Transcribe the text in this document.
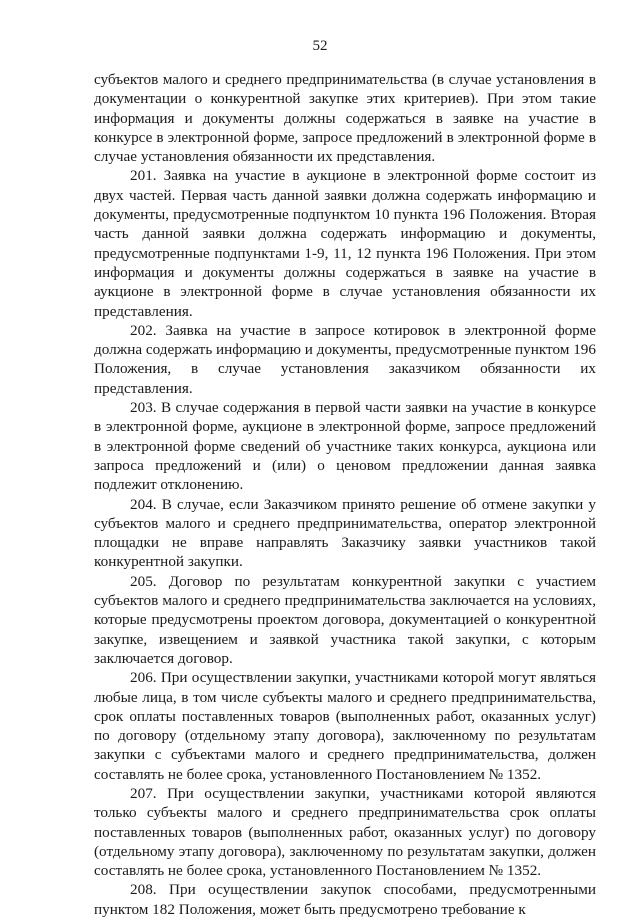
52

субъектов малого и среднего предпринимательства (в случае установления в документации о конкурентной закупке этих критериев). При этом такие информация и документы должны содержаться в заявке на участие в конкурсе в электронной форме, запросе предложений в электронной форме в случае установления обязанности их представления.

201. Заявка на участие в аукционе в электронной форме состоит из двух частей. Первая часть данной заявки должна содержать информацию и документы, предусмотренные подпунктом 10 пункта 196 Положения. Вторая часть данной заявки должна содержать информацию и документы, предусмотренные подпунктами 1-9, 11, 12 пункта 196 Положения. При этом информация и документы должны содержаться в заявке на участие в аукционе в электронной форме в случае установления обязанности их представления.

202. Заявка на участие в запросе котировок в электронной форме должна содержать информацию и документы, предусмотренные пунктом 196 Положения, в случае установления заказчиком обязанности их представления.

203. В случае содержания в первой части заявки на участие в конкурсе в электронной форме, аукционе в электронной форме, запросе предложений в электронной форме сведений об участнике таких конкурса, аукциона или запроса предложений и (или) о ценовом предложении данная заявка подлежит отклонению.

204. В случае, если Заказчиком принято решение об отмене закупки у субъектов малого и среднего предпринимательства, оператор электронной площадки не вправе направлять Заказчику заявки участников такой конкурентной закупки.

205. Договор по результатам конкурентной закупки с участием субъектов малого и среднего предпринимательства заключается на условиях, которые предусмотрены проектом договора, документацией о конкурентной закупке, извещением и заявкой участника такой закупки, с которым заключается договор.

206. При осуществлении закупки, участниками которой могут являться любые лица, в том числе субъекты малого и среднего предпринимательства, срок оплаты поставленных товаров (выполненных работ, оказанных услуг) по договору (отдельному этапу договора), заключенному по результатам закупки с субъектами малого и среднего предпринимательства, должен составлять не более срока, установленного Постановлением № 1352.

207. При осуществлении закупки, участниками которой являются только субъекты малого и среднего предпринимательства срок оплаты поставленных товаров (выполненных работ, оказанных услуг) по договору (отдельному этапу договора), заключенному по результатам закупки, должен составлять не более срока, установленного Постановлением № 1352.

208. При осуществлении закупок способами, предусмотренными пунктом 182 Положения, может быть предусмотрено требование к
